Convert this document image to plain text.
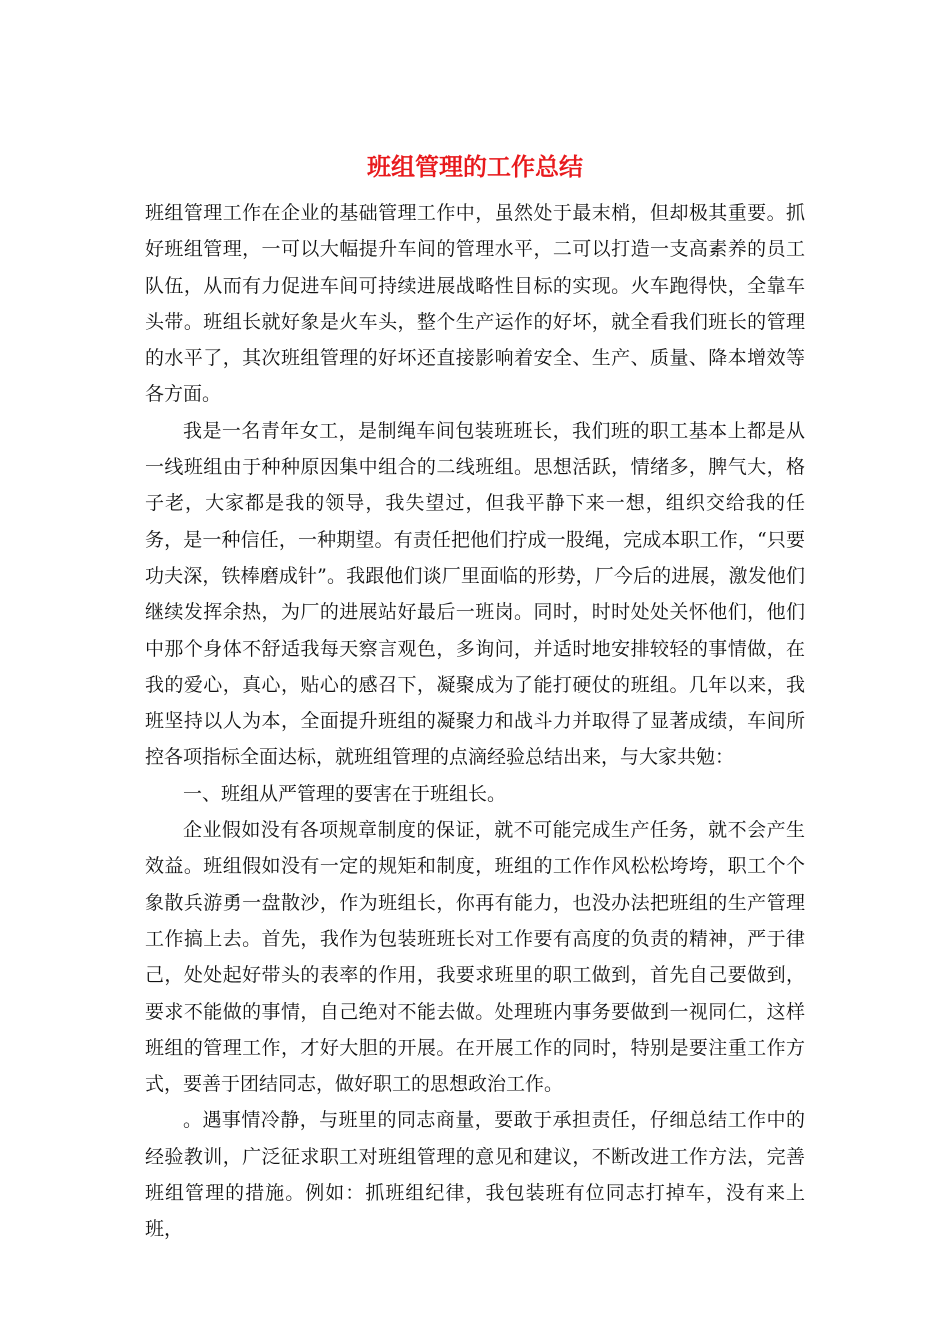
班组管理的工作总结

班组管理工作在企业的基础管理工作中，虽然处于最末梢，但却极其重要。抓好班组管理，一可以大幅提升车间的管理水平，二可以打造一支高素养的员工队伍，从而有力促进车间可持续进展战略性目标的实现。火车跑得快，全靠车头带。班组长就好象是火车头，整个生产运作的好坏，就全看我们班长的管理的水平了，其次班组管理的好坏还直接影响着安全、生产、质量、降本增效等各方面。

我是一名青年女工，是制绳车间包装班班长，我们班的职工基本上都是从一线班组由于种种原因集中组合的二线班组。思想活跃，情绪多，脾气大，格子老，大家都是我的领导，我失望过，但我平静下来一想，组织交给我的任务，是一种信任，一种期望。有责任把他们拧成一股绳，完成本职工作，“只要功夫深，铁棒磨成针”。我跟他们谈厂里面临的形势，厂今后的进展，激发他们继续发挥余热，为厂的进展站好最后一班岗。同时，时时处处关怀他们，他们中那个身体不舒适我每天察言观色，多询问，并适时地安排较轻的事情做，在我的爱心，真心，贴心的感召下，凝聚成为了能打硬仗的班组。几年以来，我班坚持以人为本，全面提升班组的凝聚力和战斗力并取得了显著成绩，车间所控各项指标全面达标，就班组管理的点滴经验总结出来，与大家共勉：

一、班组从严管理的要害在于班组长。

企业假如没有各项规章制度的保证，就不可能完成生产任务，就不会产生效益。班组假如没有一定的规矩和制度，班组的工作作风松松垮垮，职工个个象散兵游勇一盘散沙，作为班组长，你再有能力，也没办法把班组的生产管理工作搞上去。首先，我作为包装班班长对工作要有高度的负责的精神，严于律己，处处起好带头的表率的作用，我要求班里的职工做到，首先自己要做到，要求不能做的事情，自己绝对不能去做。处理班内事务要做到一视同仁，这样班组的管理工作，才好大胆的开展。在开展工作的同时，特别是要注重工作方式，要善于团结同志，做好职工的思想政治工作。

。遇事情冷静，与班里的同志商量，要敢于承担责任，仔细总结工作中的经验教训，广泛征求职工对班组管理的意见和建议，不断改进工作方法，完善班组管理的措施。例如：抓班组纪律，我包装班有位同志打掉车，没有来上班，
